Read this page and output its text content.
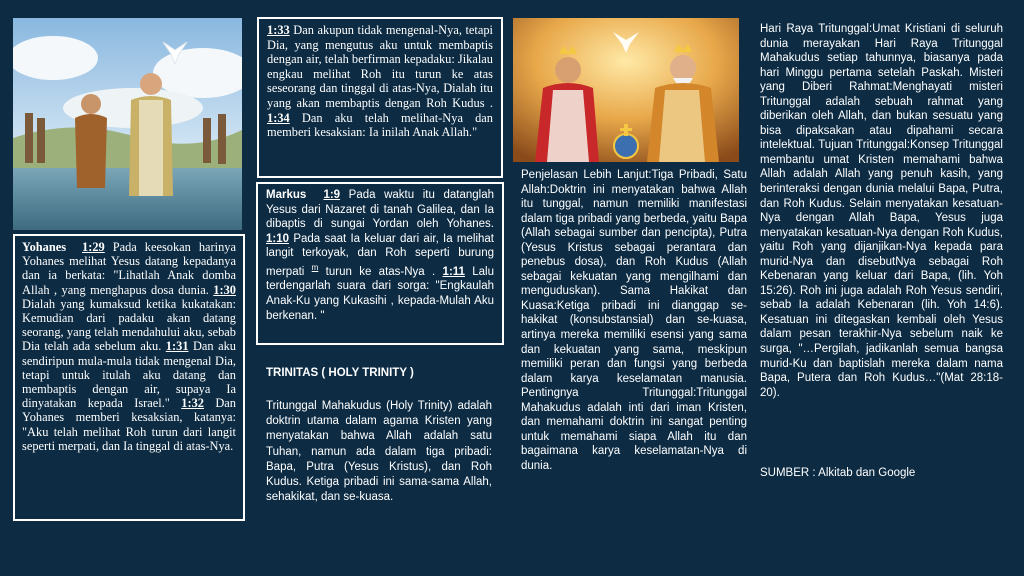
Yohanes 1:29 Pada keesokan harinya Yohanes melihat Yesus datang kepadanya dan ia berkata: "Lihatlah Anak domba Allah , yang menghapus dosa dunia. 1:30 Dialah yang kumaksud ketika kukatakan: Kemudian dari padaku akan datang seorang, yang telah mendahului aku, sebab Dia telah ada sebelum aku. 1:31 Dan aku sendiripun mula-mula tidak mengenal Dia, tetapi untuk itulah aku datang dan membaptis dengan air, supaya Ia dinyatakan kepada Israel." 1:32 Dan Yohanes memberi kesaksian, katanya: "Aku telah melihat Roh turun dari langit seperti merpati, dan Ia tinggal di atas-Nya.
1:33 Dan akupun tidak mengenal-Nya, tetapi Dia, yang mengutus aku untuk membaptis dengan air, telah berfirman kepadaku: Jikalau engkau melihat Roh itu turun ke atas seseorang dan tinggal di atas-Nya, Dialah itu yang akan membaptis dengan Roh Kudus . 1:34 Dan aku telah melihat-Nya dan memberi kesaksian: Ia inilah Anak Allah."
Markus 1:9 Pada waktu itu datanglah Yesus dari Nazaret di tanah Galilea, dan Ia dibaptis di sungai Yordan oleh Yohanes. 1:10 Pada saat Ia keluar dari air, Ia melihat langit terkoyak, dan Roh seperti burung merpati $^m$ turun ke atas-Nya . 1:11 Lalu terdengarlah suara dari sorga: "Engkaulah Anak-Ku yang Kukasihi , kepada-Mulah Aku berkenan. "
TRINITAS ( HOLY TRINITY )
Tritunggal Mahakudus (Holy Trinity) adalah doktrin utama dalam agama Kristen yang menyatakan bahwa Allah adalah satu Tuhan, namun ada dalam tiga pribadi: Bapa, Putra (Yesus Kristus), dan Roh Kudus. Ketiga pribadi ini sama-sama Allah, sehakikat, dan se-kuasa.
Penjelasan Lebih Lanjut:Tiga Pribadi, Satu Allah:Doktrin ini menyatakan bahwa Allah itu tunggal, namun memiliki manifestasi dalam tiga pribadi yang berbeda, yaitu Bapa (Allah sebagai sumber dan pencipta), Putra (Yesus Kristus sebagai perantara dan penebus dosa), dan Roh Kudus (Allah sebagai kekuatan yang mengilhami dan menguduskan). Sama Hakikat dan Kuasa:Ketiga pribadi ini dianggap se-hakikat (konsubstansial) dan se-kuasa, artinya mereka memiliki esensi yang sama dan kekuatan yang sama, meskipun memiliki peran dan fungsi yang berbeda dalam karya keselamatan manusia. Pentingnya Tritunggal:Tritunggal Mahakudus adalah inti dari iman Kristen, dan memahami doktrin ini sangat penting untuk memahami siapa Allah itu dan bagaimana karya keselamatan-Nya di dunia.
Hari Raya Tritunggal:Umat Kristiani di seluruh dunia merayakan Hari Raya Tritunggal Mahakudus setiap tahunnya, biasanya pada hari Minggu pertama setelah Paskah. Misteri yang Diberi Rahmat:Menghayati misteri Tritunggal adalah sebuah rahmat yang diberikan oleh Allah, dan bukan sesuatu yang bisa dipaksakan atau dipahami secara intelektual. Tujuan Tritunggal:Konsep Tritunggal membantu umat Kristen memahami bahwa Allah adalah Allah yang penuh kasih, yang berinteraksi dengan dunia melalui Bapa, Putra, dan Roh Kudus. Selain menyatakan kesatuan-Nya dengan Allah Bapa, Yesus juga menyatakan kesatuan-Nya dengan Roh Kudus, yaitu Roh yang dijanjikan-Nya kepada para murid-Nya dan disebutNya sebagai Roh Kebenaran yang keluar dari Bapa, (lih. Yoh 15:26). Roh ini juga adalah Roh Yesus sendiri, sebab Ia adalah Kebenaran (lih. Yoh 14:6). Kesatuan ini ditegaskan kembali oleh Yesus dalam pesan terakhir-Nya sebelum naik ke surga, "…Pergilah, jadikanlah semua bangsa murid-Ku dan baptislah mereka dalam nama Bapa, Putera dan Roh Kudus…"(Mat 28:18-20).
SUMBER : Alkitab dan Google
